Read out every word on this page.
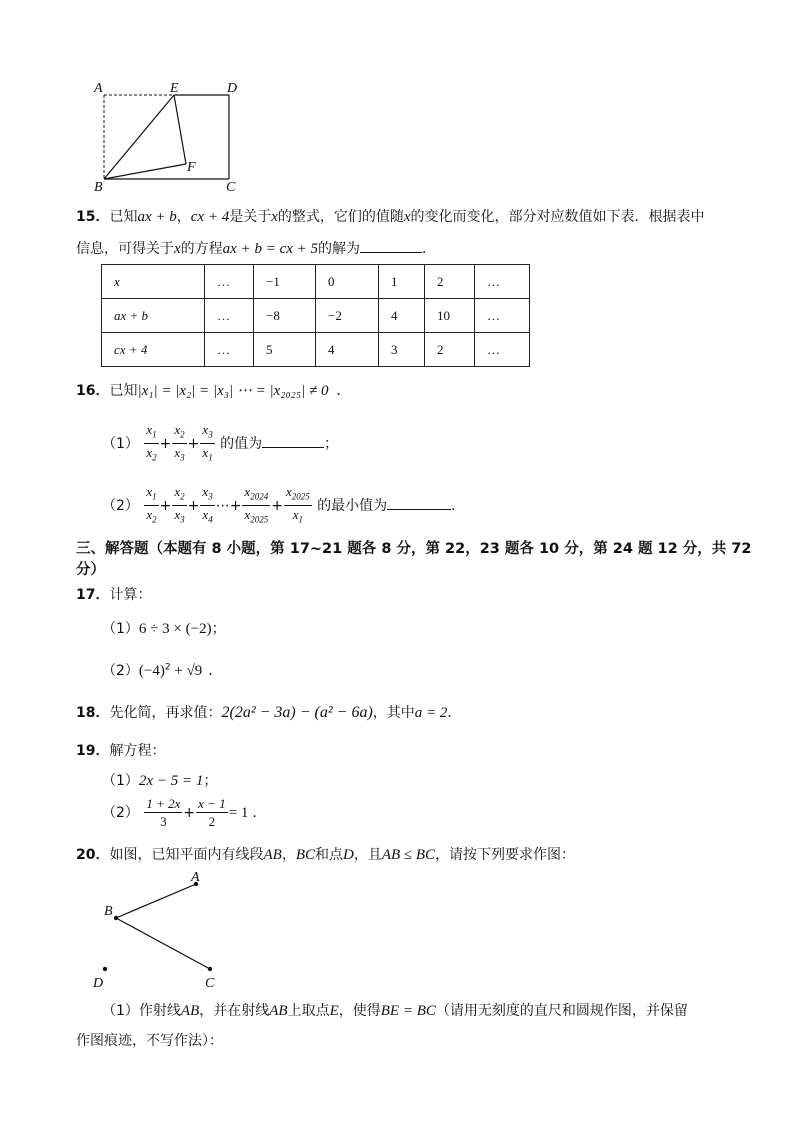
A	E	D
F
B	C
15．已知ax + b，cx + 4是关于x的整式，它们的值随x的变化而变化，部分对应数值如下表．根据表中
信息，可得关于x的方程ax + b = cx + 5的解为	．
x	…	−1	0	1	2	…
ax + b	…	−8	−2	4	10	…
cx + 4	…	5	4	3	2	…
16．已知|x₁| = |x₂| = |x₃| ⋯ = |x₂₀₂₅| ≠ 0 ．
$(1) \frac{x_1}{x_2} + \frac{x_2}{x_3} + \frac{x_3}{x_1}$ 的值为	；
$(2) \frac{x_1}{x_2} + \frac{x_2}{x_3} + \frac{x_3}{x_4}$ ⋯+ $\frac{x_{2024}}{x_{2025}} + \frac{x_{2025}}{x_1}$ 的最小值为	．
三、解答题（本题有 8 小题，第 17~21 题各 8 分，第 22，23 题各 10 分，第 24 题 12 分，共 72
分）
17．计算：
（1）6 ÷ 3 × (−2)；
$(2)(-4)^2 + √9$ ．
18．先化简，再求值：2(2a² − 3a) − (a² − 6a)，其中a = 2．
19．解方程：
（1）2x − 5 = 1；
$(2) \frac{1 + 2x}{3} + \frac{x - 1}{2} = 1$ ．
20．如图，已知平面内有线段AB，BC和点D，且AB ≤ BC，请按下列要求作图：
A
B
C
D
（1）作射线AB，并在射线AB上取点E，使得BE = BC（请用无刻度的直尺和圆规作图，并保留
作图痕迹，不写作法）：
